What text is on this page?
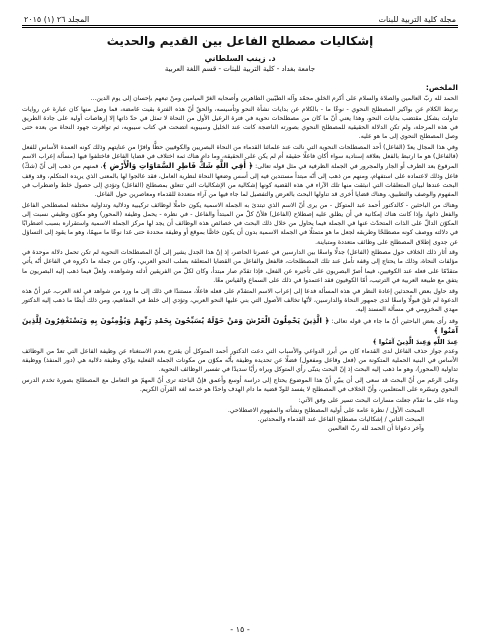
مجلة كلية التربية للبنات
المجلد ٢٦ (١) ٢٠١٥
إشكاليات مصطلح الفاعل بين القديم والحديث
د. زينب السلطاني
جامعة بغداد - كلية التربية للبنات - قسم اللغة العربية
الملخص:

الحمد لله ربّ العالمين والصلاة والسلام على أكرم الخلق محمّد وآله الطيّبين الطاهرين وأصحابه الغرّ الميامين ومنْ تبعهم بإحسان إلى يوم الدين...

يرتبط الكلام عن بواكير المصطلح النحوي - نوعًا ما - بالكلام عن بدايات نشأة النحو وتأسيسه، والحقّ أنّ هذه الفترة بقيت غامضة، فما وصل منها كان عبارة عن روايات تناولت بشكل مقتضب بدايات النحو، وهذا يعني أنّ ما كان من مصطلحات نحوية في فترة الرعيل الأول من النحاة لا تمثل في حدّ ذاتها إلا إرهاصات أولية على جادة الطريق في هذه المرحلة، ولم تكن الدلالة الحقيقية للمصطلح النحوي بصورته الناضجة كانت عند الخليل وسيبويه اتضحت في كتاب سيبويه، ثم توافرت جهود النحاة من بعده حتى وصل المصطلح النحوي إلى ما هو عليه.

وفي هذا المجال يعدّ (الفاعل) أحد المصطلحات النحوية التي نالت عند علمائنا القدماء من النحاة البصريين والكوفيين حظًّا وافرًا من عنايتهم وذلك كونه العمدة الأساس للفعل (فالفاعل) هو ما ارتبط بالفعل بعلاقة إسنادية سواء أكان فاعلًا حقيقة أم لم يكن على الحقيقة، وما دام هناك ثمة اختلاف في قضايا الفاعل فاختلفوا فيها (مسألة إعراب الاسم المرفوع بعد الظرف أو الجار والمجرور في الجملة الظرفية في مثل قوله تعالى: ﴿ أَفِي اللَّهِ شَكٌّ فَاطِرِ السَّمَاوَاتِ وَالْأَرْضِ ﴾، فمنهم من ذهب إلى أنّ (شكّ) فاعل وذلك لاعتماده على استفهام، ومنهم من ذهب إلى أنّه مبتدأ مستندين فيه إلى أسس وضعها النحاة لنظرية العامل، فقد عالجوا لها بالمعنى الذي يريده المتكلم، وقد وقف البحث عندها لبيان المتعلقات التي انبثقت منها تلك الآراء في هذه القضية كونها إشكالية من الإشكاليات التي تتعلق بمصطلح (الفاعل) وتؤدي إلى حصول خلط واضطراب في المفهوم والوصف والتطبيق، وهناك قضايا أخرى قد تناولها البحث بالعرض والتفصيل لما جاء فيها من آراء متعددة للقدماء ومعاصرين حول الفاعل.

وهناك من الباحثين - كالدكتور أحمد عبد المتوكل - من يرى أنّ الاسم الذي تبتدئ به الجملة الاسمية يكون حاملًا لوظائف تركيبية ودلالية وتداولية مختلفة لمصطلحي الفاعل والفعل ذاتها، وإذا كانت هناك إمكانية في أن يطلق عليه إصطلاح (الفاعل) فلأنّ كلّ من المبتدأ والفاعل - في نظره - يحمل وظيفة (المحور) وهو مكوّن وظيفي نسبت إلى المكوّن الدالّ على الذات المتحدّث عنها في الجملة فيما يحاول من خلال ذلك البحث في خصائص هذه الوظائف أن يجد لها مركز الجملة الاسمية واستقراره بسبب اضطرابًا في دلالته ووصف كونه مصطلحًا وطريقه لجعل ما هو متمثلًا في الجملة الاسمية بدون أن يكون خاصًّا بموقع أو وظيفة محددة حتى غدا نوعًا ما مبهمًا، وهو ما يقود إلى التساؤل عن جدوى إطلاق المصطلح على وظائف متعددة ومتباينة.

وقد أثار ذلك الخلاف حول مصطلح (الفاعل) جدلًا واسعًا بين الدارسين في عصرنا الحاضر، إذ إنّ هذا الجدل يشير إلى أنّ المصطلحات النحوية لم تكن تحمل دلالة موحدة في مؤلفات النحاة، وذلك ما يحتاج إلى وقفة تأمل عند تلك المصطلحات، فالفعل والفاعل من القضايا المتعلقة بصلب النحو العربي، وكان من جملة ما ذكروه في الفاعل أنّه يأتي متقدّمًا على فعله عند الكوفيين، فيما أصرّ البصريون على تأخيره عن الفعل، فإذا تقدّم صار مبتدأ، وكان لكلّ من الفريقين أدلته وشواهده، ولعلّ فيما ذهب إليه البصريون ما يتفق مع طبيعة العربية في الترتيب، أمّا الكوفيون فقد اعتمدوا في ذلك على السماع والقياس معًا.

وقد حاول بعض المحدثين إعادة النظر في هذه المسألة فدعا إلى إعراب الاسم المتقدّم على فعله فاعلًا، مستندًا في ذلك إلى ما ورد من شواهد في لغة العرب، غير أنّ هذه الدعوة لم تلقَ قبولًا واسعًا لدى جمهور النحاة والدارسين، لأنّها تخالف الأصول التي بني عليها النحو العربي، وتؤدي إلى خلط في المفاهيم، ومن ذلك أيضًا ما ذهب إليه الدكتور مهدي المخزومي في مسألة المسند إليه.

وقد رأى بعض الباحثين أنّ ما جاء في قوله تعالى: ﴿ الَّذِينَ يَحْمِلُونَ الْعَرْشَ وَمَنْ حَوْلَهُ يُسَبِّحُونَ بِحَمْدِ رَبِّهِمْ وَيُؤْمِنُونَ بِهِ وَيَسْتَغْفِرُونَ لِلَّذِينَ آمَنُوا ﴾

عِندَ اللَّهِ وَعِندَ الَّذِينَ آمَنُوا ﴾

وعدم جواز حذف الفاعل لدى القدماء كان من أبرز الدواعي والأسباب التي دعت الدكتور أحمد المتوكل أن يقترح بعدم الاستغناء عن وظيفة الفاعل التي تعدّ من الوظائف الأساس في البنية الحملية المتكونة من (فعل وفاعل ومفعول) فضلًا عن تحديده وظيفة بأنّه مكوّن من مكونات الجملة الفعلية يؤدّي وظيفة دلالية هي (دور المنفذ) ووظيفة تداولية (المحور)، وهو ما ذهب إليه البحث إذ إنّ البحث يتبنّى رأي المتوكل ويراه رأيًا سديدًا في تفسير الوظائف النحوية.

وعلى الرغم من أنّ البحث قد سعى إلى أن يبيّن أنّ هذا الموضوع يحتاج إلى دراسة أوسع وأعمق فإنّ الباحثة ترى أنّ المهمّ هو التعامل مع المصطلح بصورة تخدم الدرس النحوي وتيسّره على المتعلمين، وأنّ الخلاف في المصطلح لا يفسد للودّ قضية ما دام الهدف واحدًا هو خدمة لغة القرآن الكريم.

وبناء على ما تقدّم جعلت مسارات البحث تسير على وفق الآتي:

المبحث الأول / نظرة عامة على أولية المصطلح ونشأته والمفهوم الاصطلاحي.
المبحث الثاني / إشكاليات مصطلح الفاعل عند القدماء والمحدثين.
وآخر دعوانا أن الحمد لله ربّ العالمين
- ١٥ -
